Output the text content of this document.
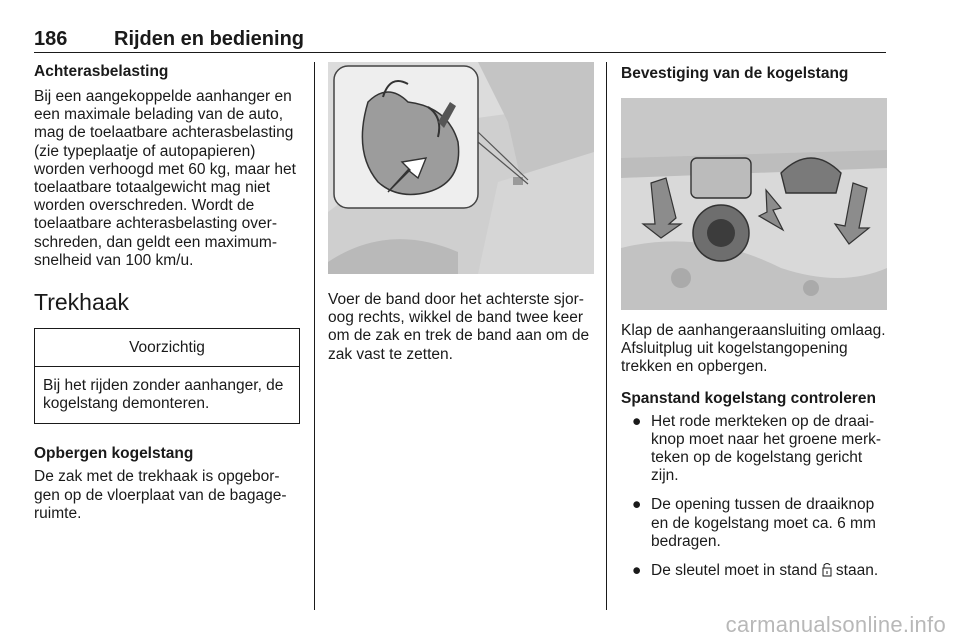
186 Rijden en bediening
Achterasbelasting

Bij een aangekoppelde aanhanger en een maximale belading van de auto, mag de toelaatbare achterasbelasting (zie typeplaatje of autopapieren) worden verhoogd met 60 kg, maar het toelaatbare totaalgewicht mag niet worden overschreden. Wordt de toelaatbare achterasbelasting overschreden, dan geldt een maximumsnelheid van 100 km/u.

Trekhaak
Voorzichtig
Bij het rijden zonder aanhanger, de kogelstang demonteren.
Opbergen kogelstang

De zak met de trekhaak is opgeborgen op de vloerplaat van de bagageruimte.

Voer de band door het achterste sjoroog rechts, wikkel de band twee keer om de zak en trek de band aan om de zak vast te zetten.

Bevestiging van de kogelstang

Klap de aanhangeraansluiting omlaag. Afsluitplug uit kogelstangopening trekken en opbergen.

Spanstand kogelstang controleren
● Het rode merkteken op de draaiknop moet naar het groene merkteken op de kogelstang gericht zijn.
● De opening tussen de draaiknop en de kogelstang moet ca. 6 mm bedragen.
● De sleutel moet in stand  staan.
carmanualsonline.info
